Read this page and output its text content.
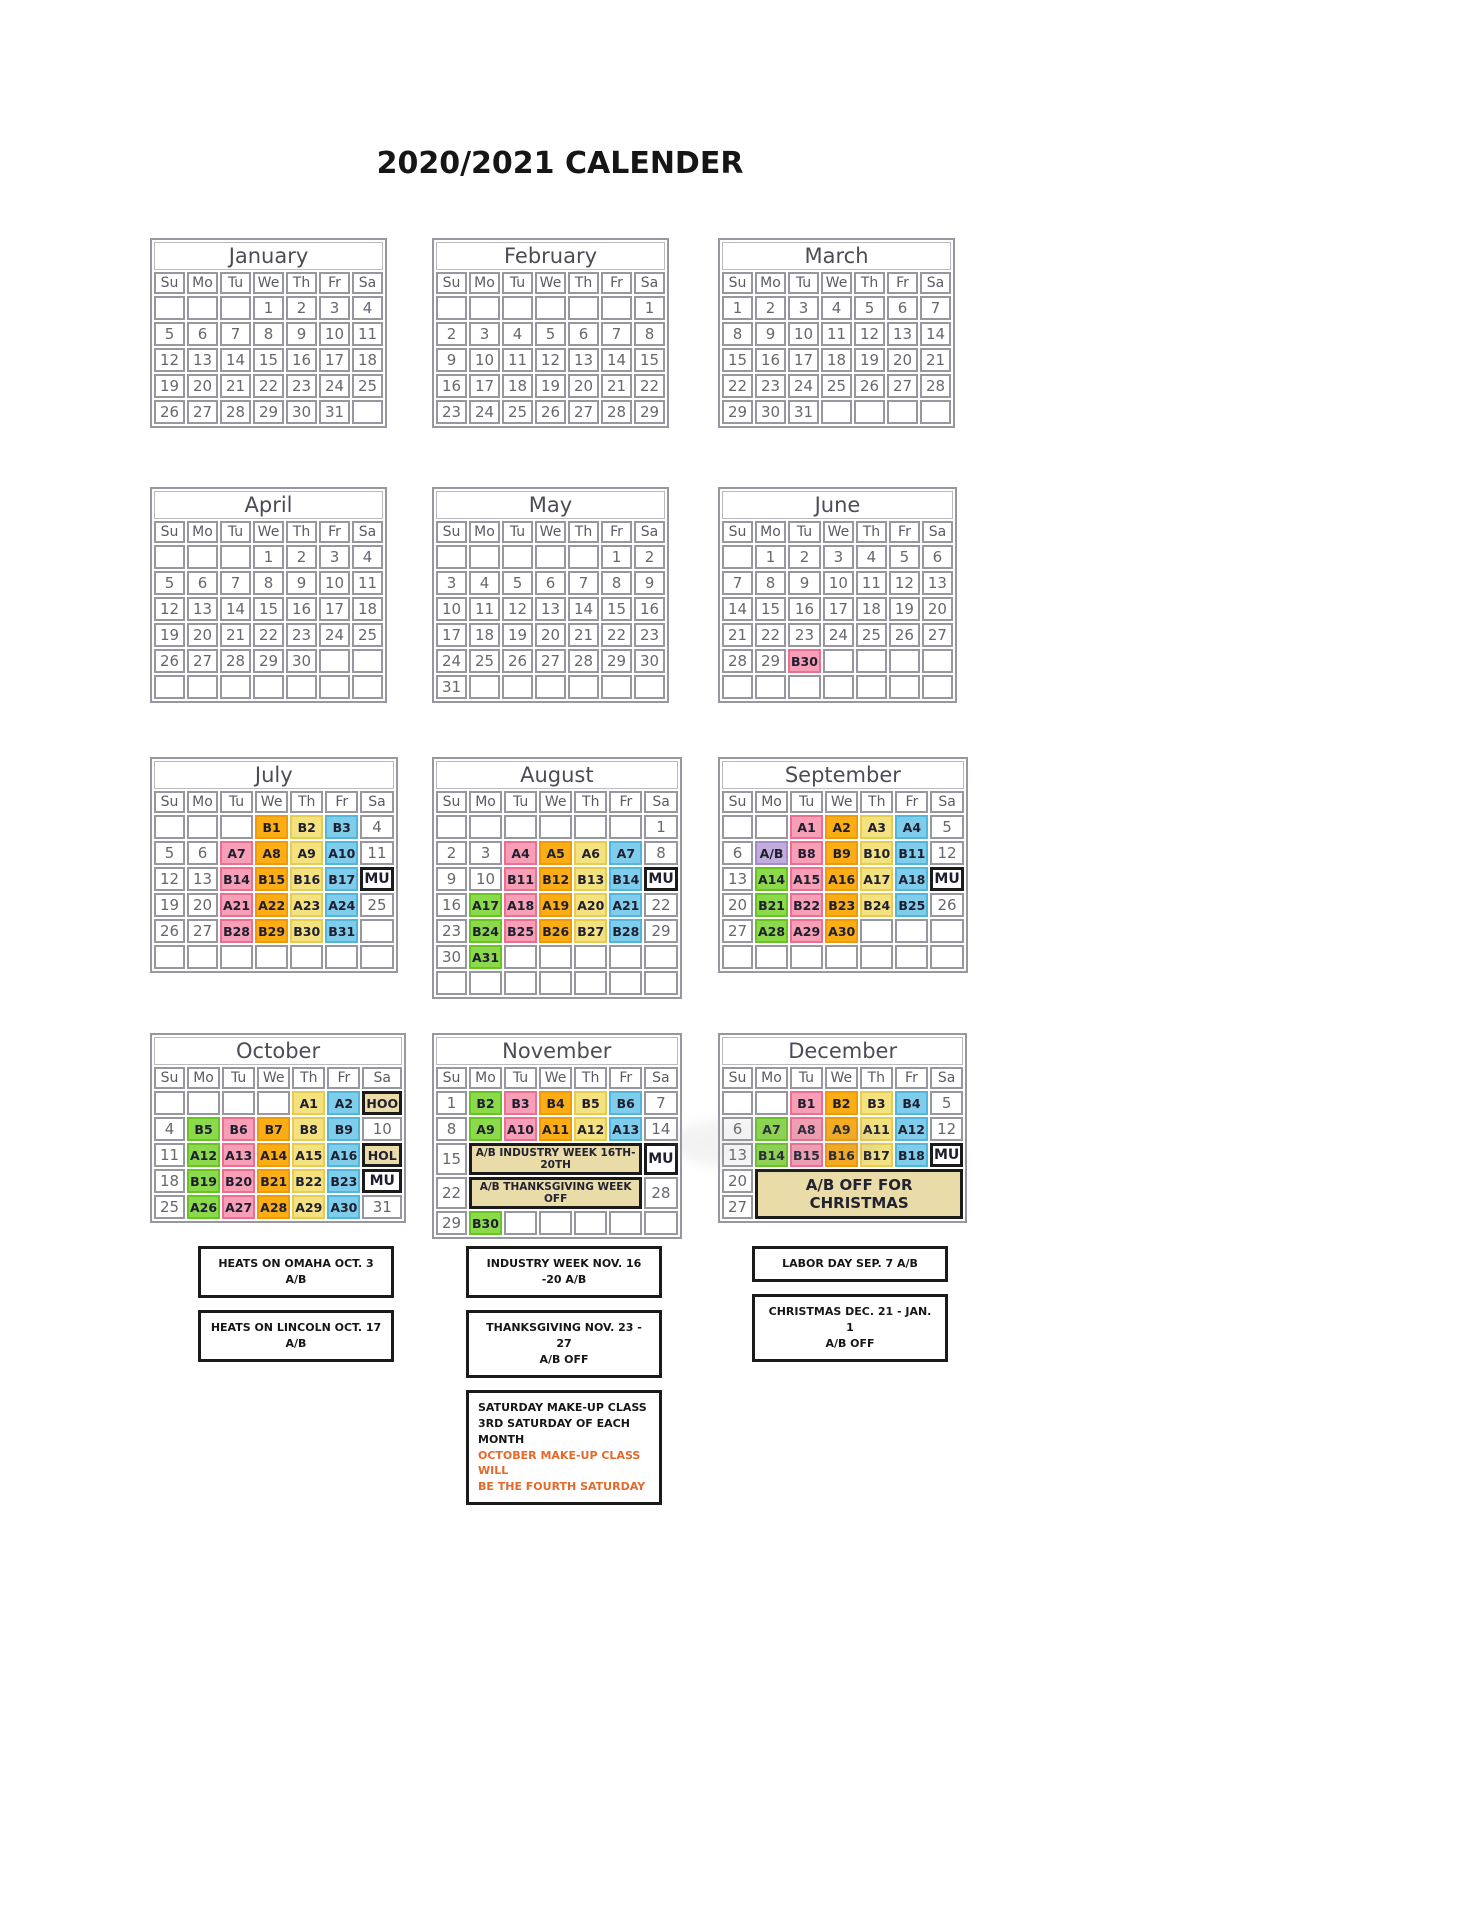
2020/2021 CALENDER
January						
Su	Mo	Tu	We	Th	Fr	Sa
			1	2	3	4
5	6	7	8	9	10	11
12	13	14	15	16	17	18
19	20	21	22	23	24	25
26	27	28	29	30	31	
February						
Su	Mo	Tu	We	Th	Fr	Sa
						1
2	3	4	5	6	7	8
9	10	11	12	13	14	15
16	17	18	19	20	21	22
23	24	25	26	27	28	29
March						
Su	Mo	Tu	We	Th	Fr	Sa
1	2	3	4	5	6	7
8	9	10	11	12	13	14
15	16	17	18	19	20	21
22	23	24	25	26	27	28
29	30	31				
April						
Su	Mo	Tu	We	Th	Fr	Sa
			1	2	3	4
5	6	7	8	9	10	11
12	13	14	15	16	17	18
19	20	21	22	23	24	25
26	27	28	29	30		

May						
Su	Mo	Tu	We	Th	Fr	Sa
					1	2
3	4	5	6	7	8	9
10	11	12	13	14	15	16
17	18	19	20	21	22	23
24	25	26	27	28	29	30
31						
June						
Su	Mo	Tu	We	Th	Fr	Sa
	1	2	3	4	5	6
7	8	9	10	11	12	13
14	15	16	17	18	19	20
21	22	23	24	25	26	27
28	29	B30				

July						
Su	Mo	Tu	We	Th	Fr	Sa
			B1	B2	B3	4
5	6	A7	A8	A9	A10	11
12	13	B14	B15	B16	B17	MU
19	20	A21	A22	A23	A24	25
26	27	B28	B29	B30	B31	

August						
Su	Mo	Tu	We	Th	Fr	Sa
						1
2	3	A4	A5	A6	A7	8
9	10	B11	B12	B13	B14	MU
16	A17	A18	A19	A20	A21	22
23	B24	B25	B26	B27	B28	29
30	A31					

September						
Su	Mo	Tu	We	Th	Fr	Sa
		A1	A2	A3	A4	5
6	A/B	B8	B9	B10	B11	12
13	A14	A15	A16	A17	A18	MU
20	B21	B22	B23	B24	B25	26
27	A28	A29	A30			

October						
Su	Mo	Tu	We	Th	Fr	Sa
				A1	A2	HOO
4	B5	B6	B7	B8	B9	10
11	A12	A13	A14	A15	A16	HOL
18	B19	B20	B21	B22	B23	MU
25	A26	A27	A28	A29	A30	31
November						
Su	Mo	Tu	We	Th	Fr	Sa
1	B2	B3	B4	B5	B6	7
8	A9	A10	A11	A12	A13	14
15	A/B INDUSTRY WEEK 16TH-20TH					MU
22	A/B THANKSGIVING WEEK OFF					28
29	B30					
December						
Su	Mo	Tu	We	Th	Fr	Sa
		B1	B2	B3	B4	5
6	A7	A8	A9	A11	A12	12
13	B14	B15	B16	B17	B18	MU
20	A/B OFF FOR CHRISTMAS					
27						
HEATS ON OMAHA OCT. 3 A/B
HEATS ON LINCOLN OCT. 17 A/B
INDUSTRY WEEK NOV. 16 -20 A/B
THANKSGIVING NOV. 23 - 27
A/B OFF
SATURDAY MAKE-UP CLASS
3RD SATURDAY OF EACH MONTH
OCTOBER MAKE-UP CLASS WILL
BE THE FOURTH SATURDAY
LABOR DAY SEP. 7 A/B
CHRISTMAS DEC. 21 - JAN. 1
A/B OFF
